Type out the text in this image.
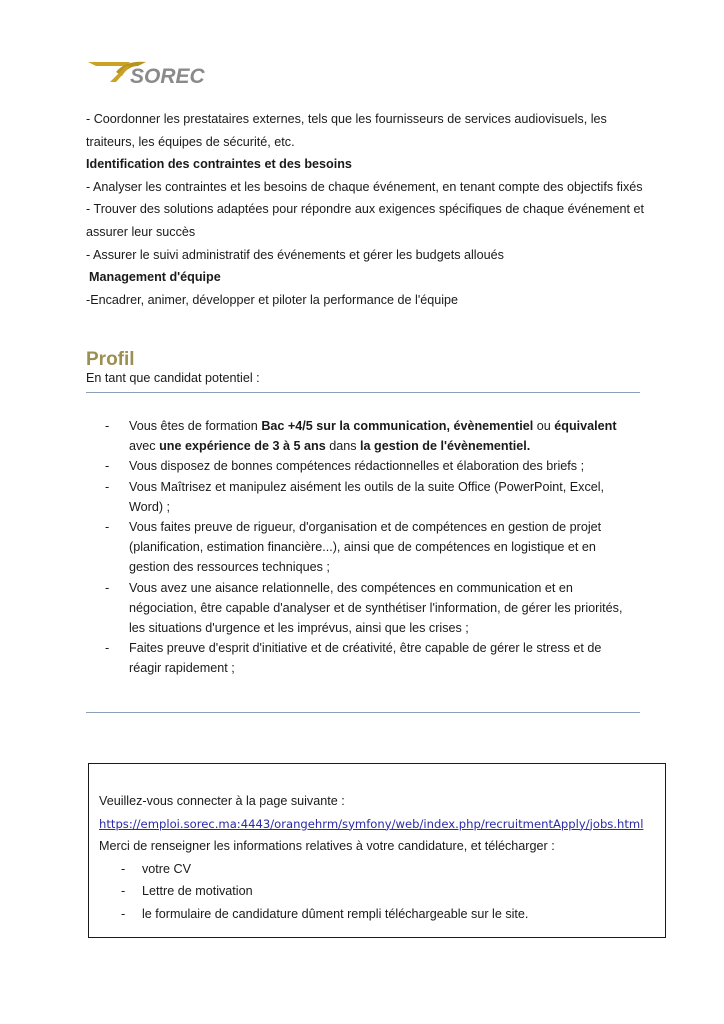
SOREC

- Coordonner les prestataires externes, tels que les fournisseurs de services audiovisuels, les traiteurs, les équipes de sécurité, etc.

Identification des contraintes et des besoins

- Analyser les contraintes et les besoins de chaque événement, en tenant compte des objectifs fixés

- Trouver des solutions adaptées pour répondre aux exigences spécifiques de chaque événement et assurer leur succès

- Assurer le suivi administratif des événements et gérer les budgets alloués

Management d'équipe

-Encadrer, animer, développer et piloter la performance de l'équipe

Profil
En tant que candidat potentiel :
- Vous êtes de formation Bac +4/5 sur la communication, évènementiel ou équivalent avec une expérience de 3 à 5 ans dans la gestion de l'évènementiel.
- Vous disposez de bonnes compétences rédactionnelles et élaboration des briefs ;
- Vous Maîtrisez et manipulez aisément les outils de la suite Office (PowerPoint, Excel, Word) ;
- Vous faites preuve de rigueur, d'organisation et de compétences en gestion de projet (planification, estimation financière...), ainsi que de compétences en logistique et en gestion des ressources techniques ;
- Vous avez une aisance relationnelle, des compétences en communication et en négociation, être capable d'analyser et de synthétiser l'information, de gérer les priorités, les situations d'urgence et les imprévus, ainsi que les crises ;
- Faites preuve d'esprit d'initiative et de créativité, être capable de gérer le stress et de réagir rapidement ;

Veuillez-vous connecter à la page suivante :

https://emploi.sorec.ma:4443/orangehrm/symfony/web/index.php/recruitmentApply/jobs.html

Merci de renseigner les informations relatives à votre candidature, et télécharger :

- votre CV
- Lettre de motivation
- le formulaire de candidature dûment rempli téléchargeable sur le site.
